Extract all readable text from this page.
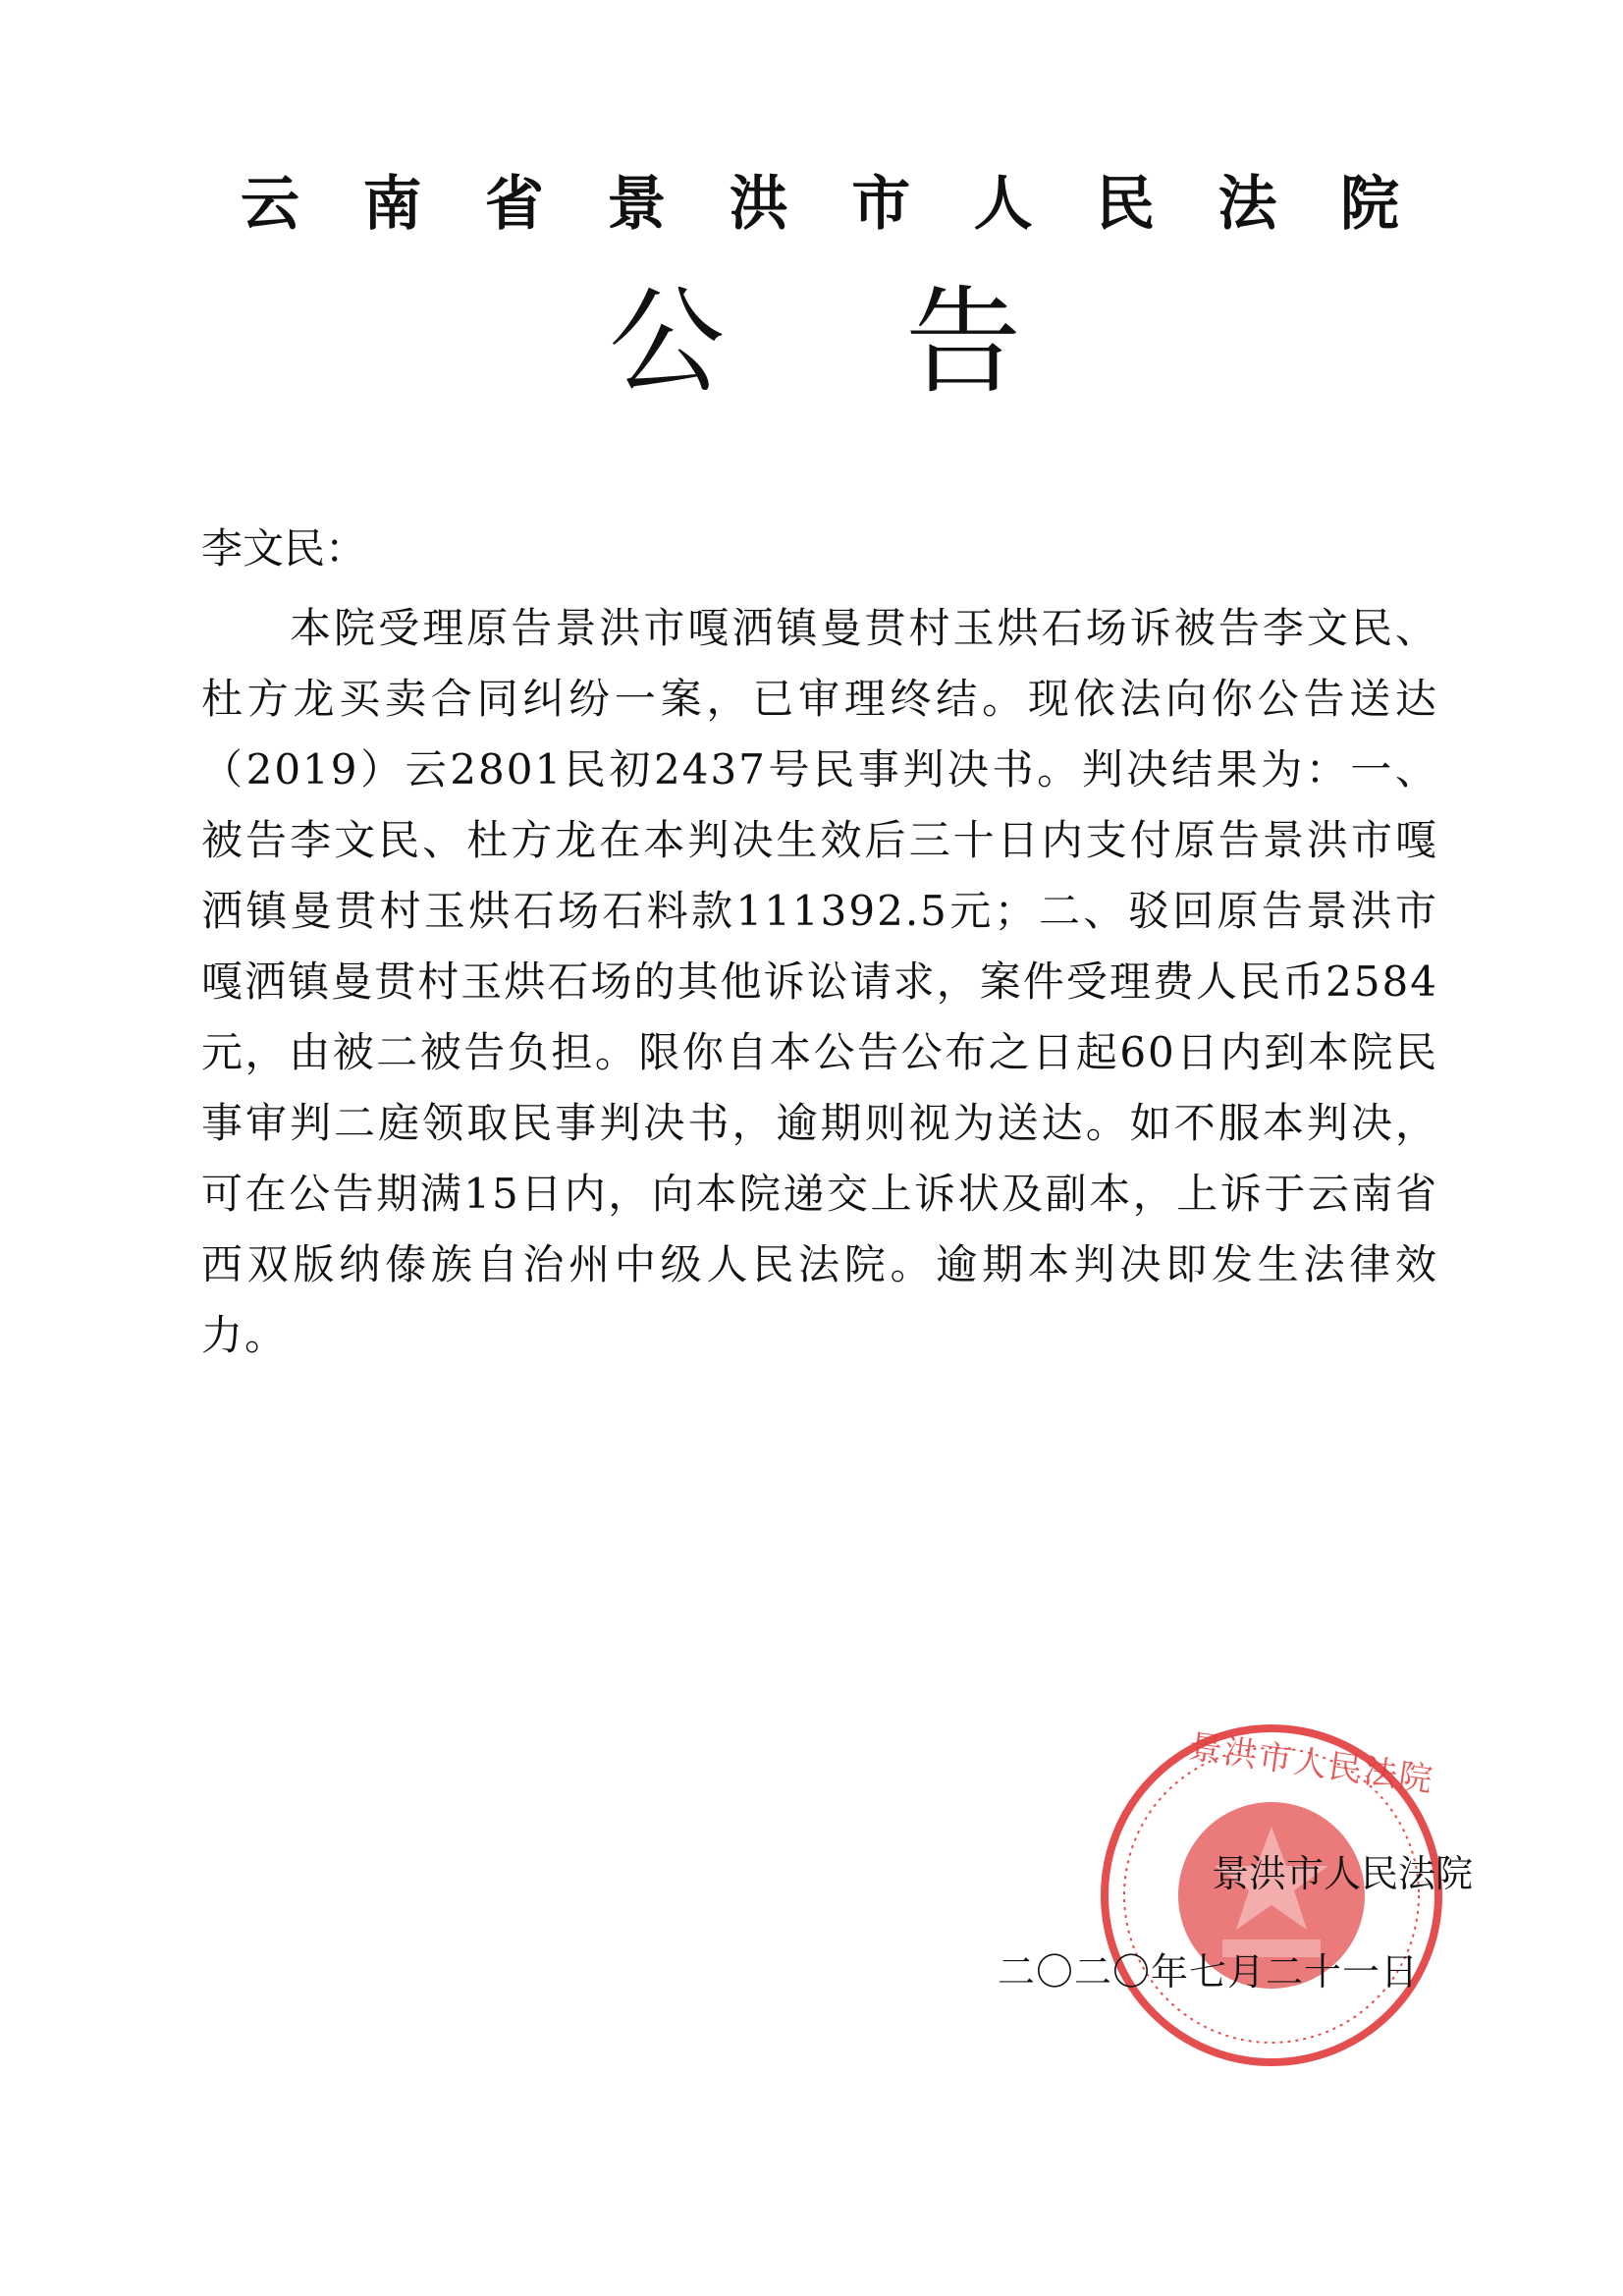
云 南 省 景 洪 市 人 民 法 院
公 告
李文民：

本院受理原告景洪市嘎洒镇曼贯村玉烘石场诉被告李文民、杜方龙买卖合同纠纷一案，已审理终结。现依法向你公告送达（2019）云2801民初2437号民事判决书。判决结果为：一、被告李文民、杜方龙在本判决生效后三十日内支付原告景洪市嘎洒镇曼贯村玉烘石场石料款111392.5元；二、驳回原告景洪市嘎洒镇曼贯村玉烘石场的其他诉讼请求，案件受理费人民币2584元，由被二被告负担。限你自本公告公布之日起60日内到本院民事审判二庭领取民事判决书，逾期则视为送达。如不服本判决，可在公告期满15日内，向本院递交上诉状及副本，上诉于云南省西双版纳傣族自治州中级人民法院。逾期本判决即发生法律效力。

景洪市人民法院
景洪市人民法院
二〇二〇年七月二十一日
